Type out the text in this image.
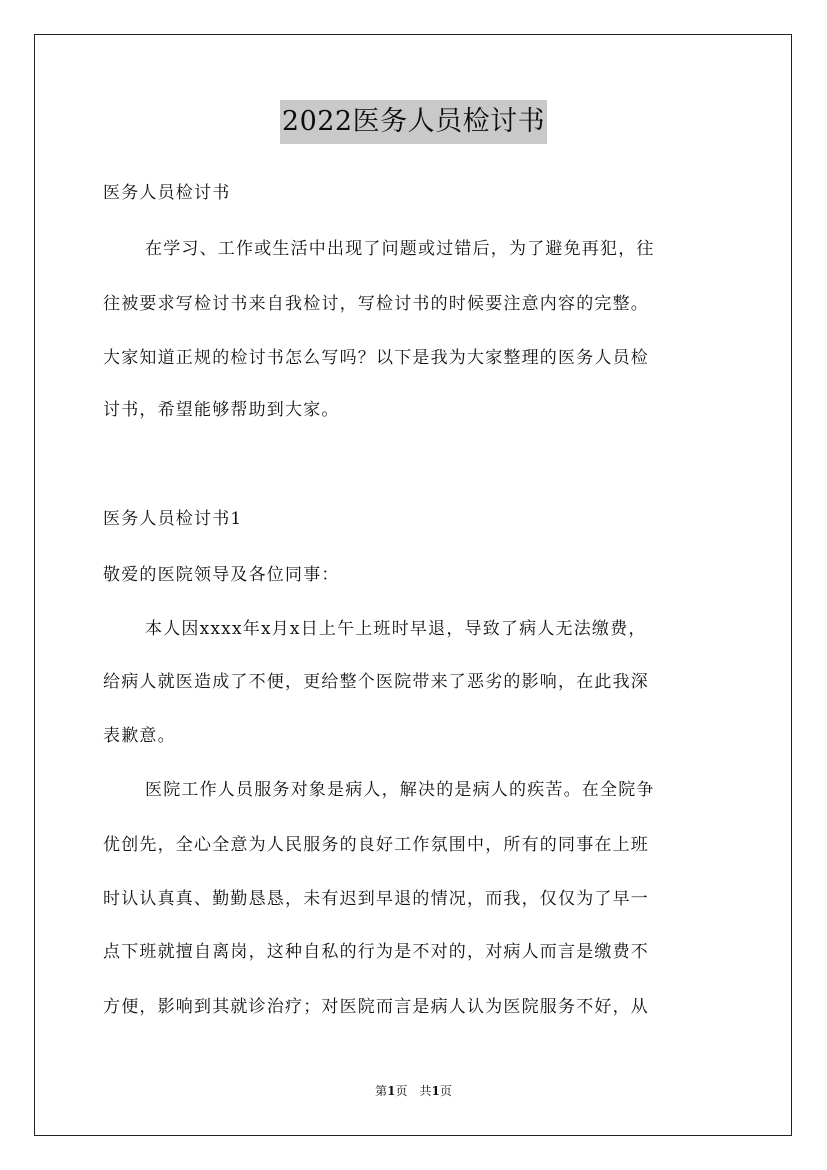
2022医务人员检讨书
医务人员检讨书
在学习、工作或生活中出现了问题或过错后，为了避免再犯，往
往被要求写检讨书来自我检讨，写检讨书的时候要注意内容的完整。
大家知道正规的检讨书怎么写吗？以下是我为大家整理的医务人员检
讨书，希望能够帮助到大家。
医务人员检讨书1
敬爱的医院领导及各位同事：
本人因xxxx年x月x日上午上班时早退，导致了病人无法缴费，
给病人就医造成了不便，更给整个医院带来了恶劣的影响，在此我深
表歉意。
医院工作人员服务对象是病人，解决的是病人的疾苦。在全院争
优创先，全心全意为人民服务的良好工作氛围中，所有的同事在上班
时认认真真、勤勤恳恳，未有迟到早退的情况，而我，仅仅为了早一
点下班就擅自离岗，这种自私的行为是不对的，对病人而言是缴费不
方便，影响到其就诊治疗；对医院而言是病人认为医院服务不好，从
第1页 共1页
